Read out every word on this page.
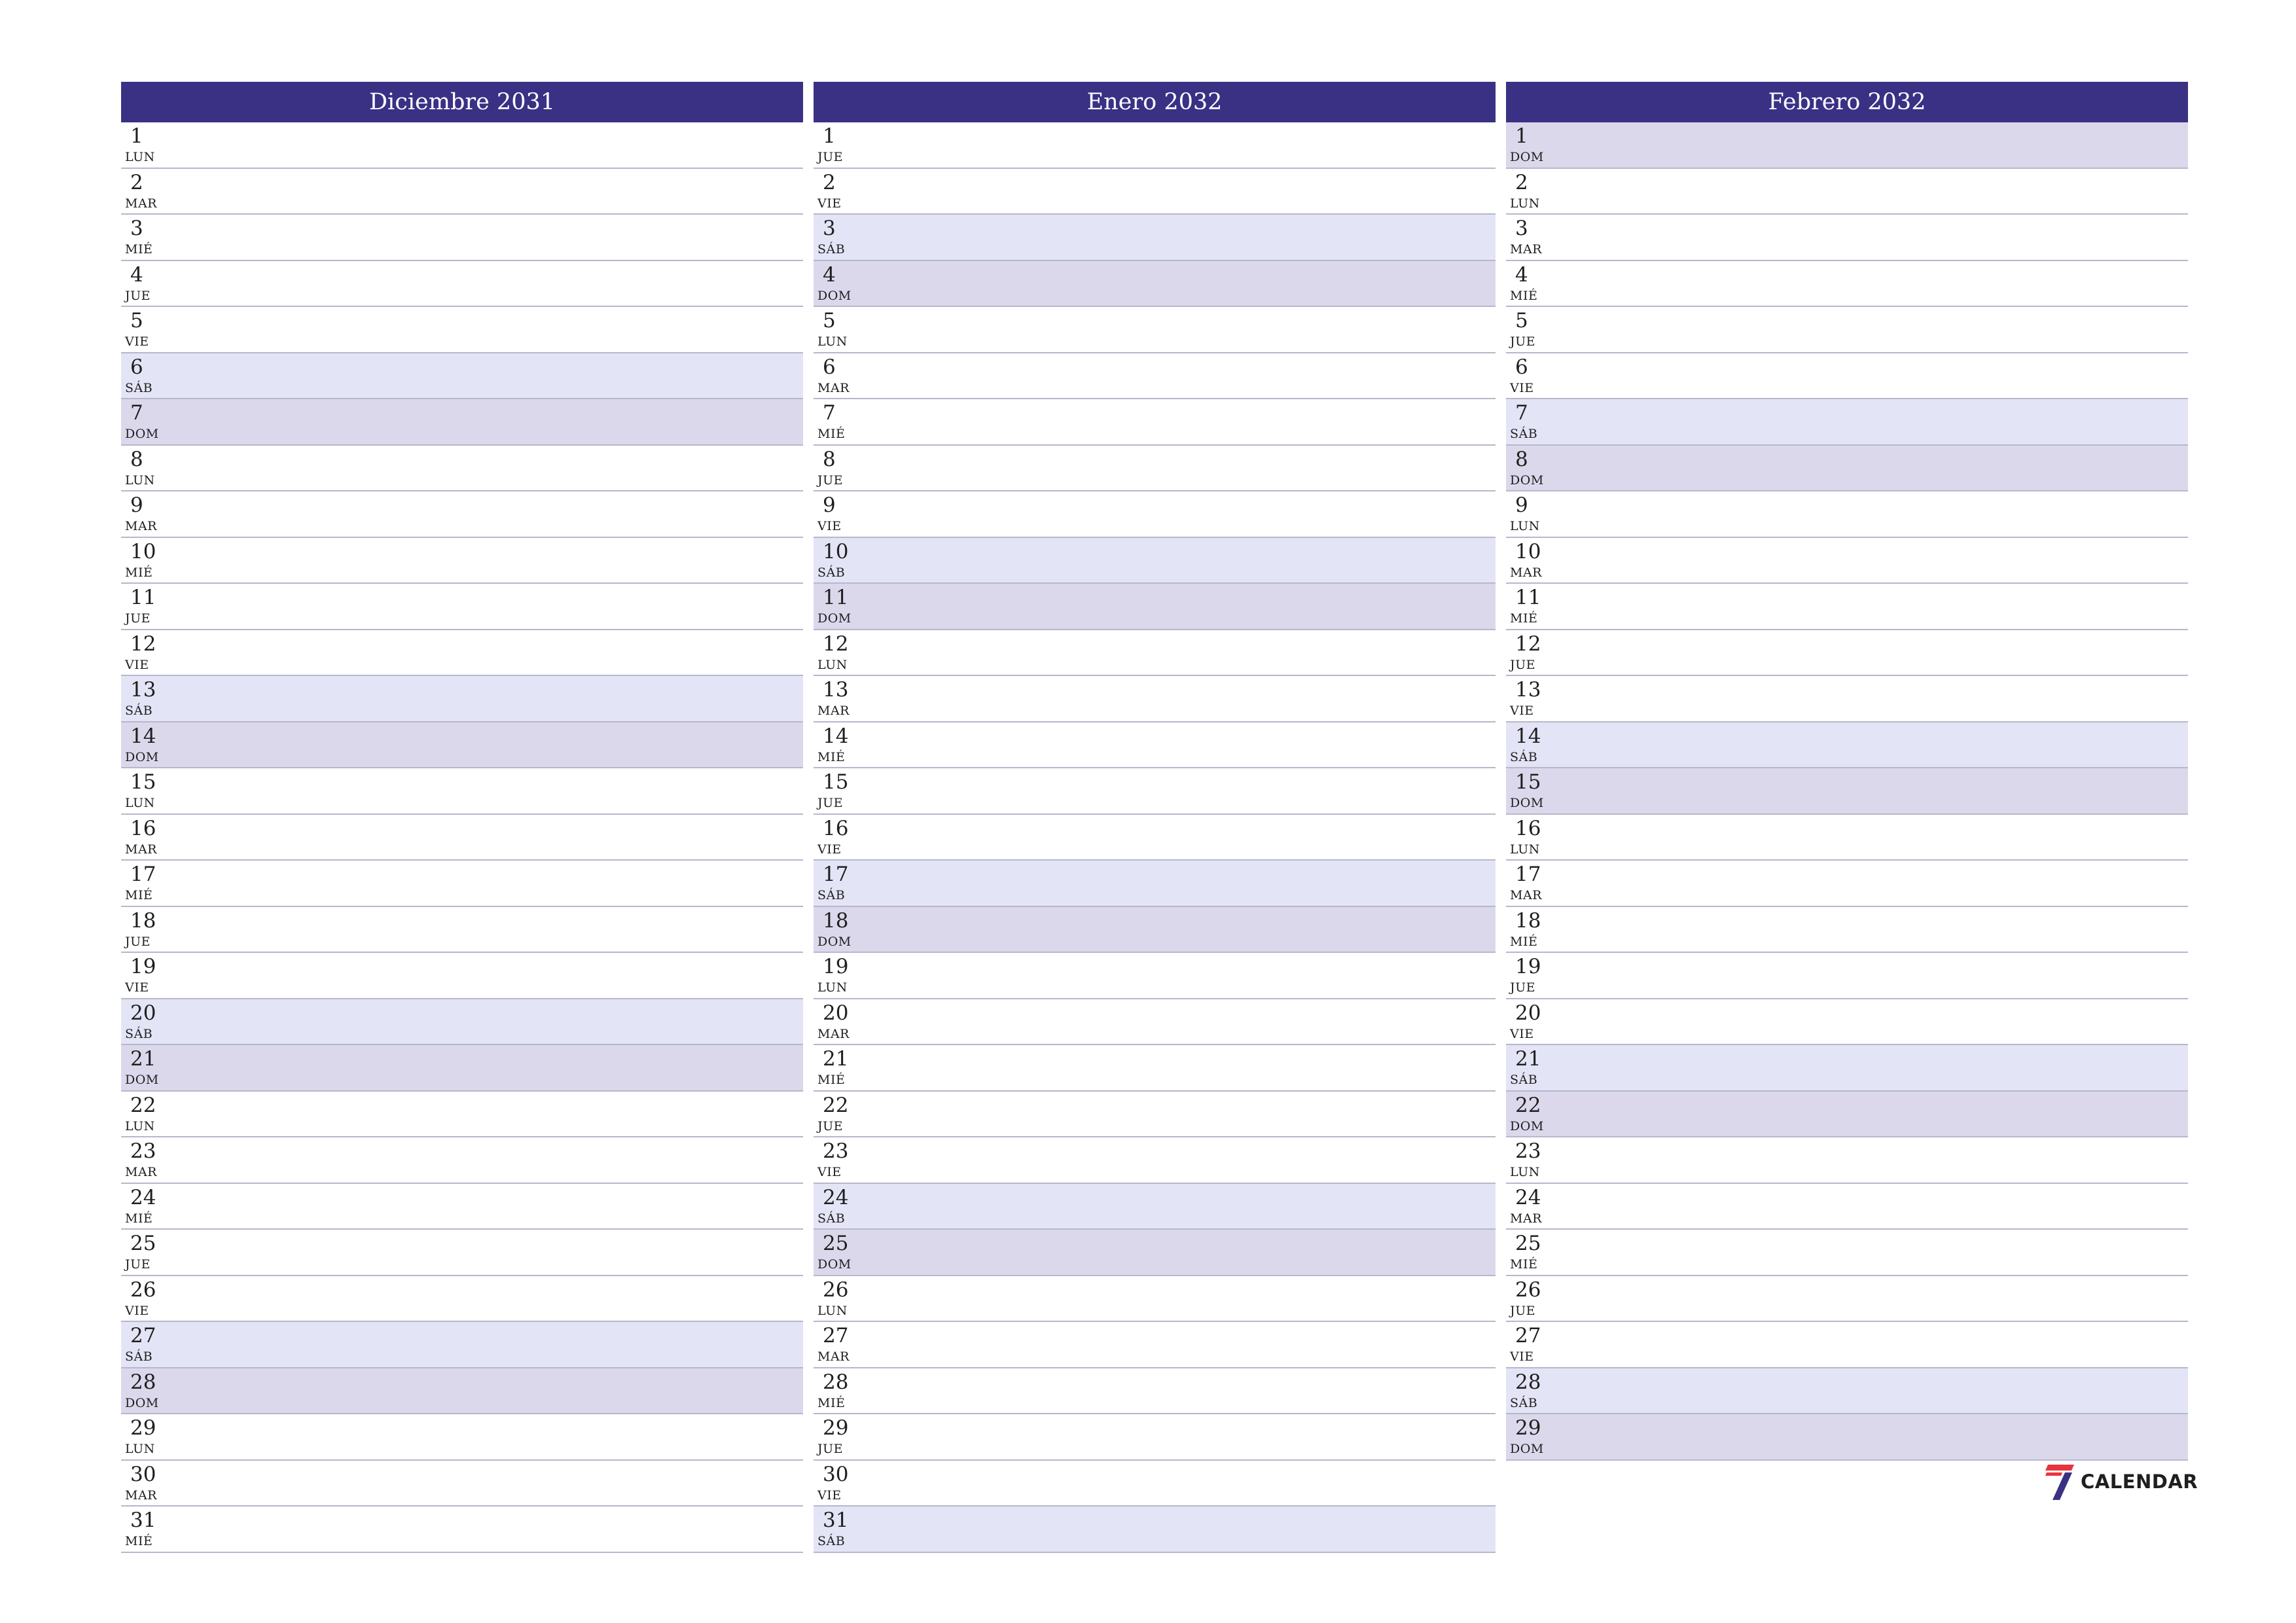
Diciembre 2031
1
LUN
2
MAR
3
MIÉ
4
JUE
5
VIE
6
SÁB
7
DOM
8
LUN
9
MAR
10
MIÉ
11
JUE
12
VIE
13
SÁB
14
DOM
15
LUN
16
MAR
17
MIÉ
18
JUE
19
VIE
20
SÁB
21
DOM
22
LUN
23
MAR
24
MIÉ
25
JUE
26
VIE
27
SÁB
28
DOM
29
LUN
30
MAR
31
MIÉ
Enero 2032
1
JUE
2
VIE
3
SÁB
4
DOM
5
LUN
6
MAR
7
MIÉ
8
JUE
9
VIE
10
SÁB
11
DOM
12
LUN
13
MAR
14
MIÉ
15
JUE
16
VIE
17
SÁB
18
DOM
19
LUN
20
MAR
21
MIÉ
22
JUE
23
VIE
24
SÁB
25
DOM
26
LUN
27
MAR
28
MIÉ
29
JUE
30
VIE
31
SÁB
Febrero 2032
1
DOM
2
LUN
3
MAR
4
MIÉ
5
JUE
6
VIE
7
SÁB
8
DOM
9
LUN
10
MAR
11
MIÉ
12
JUE
13
VIE
14
SÁB
15
DOM
16
LUN
17
MAR
18
MIÉ
19
JUE
20
VIE
21
SÁB
22
DOM
23
LUN
24
MAR
25
MIÉ
26
JUE
27
VIE
28
SÁB
29
DOM
CALENDAR
